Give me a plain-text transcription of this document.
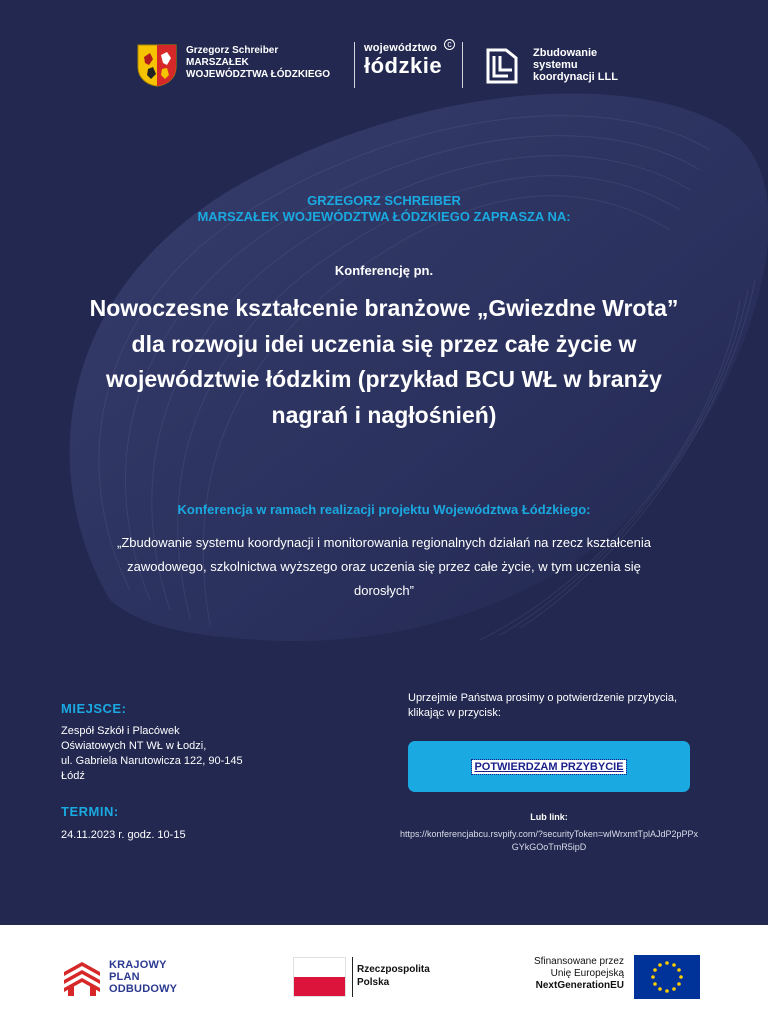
Grzegorz Schreiber
MARSZAŁEK
WOJEWÓDZTWA ŁÓDZKIEGO
województwo
łódzkie
c
Zbudowanie
systemu
koordynacji LLL
GRZEGORZ SCHREIBER
MARSZAŁEK WOJEWÓDZTWA ŁÓDZKIEGO ZAPRASZA NA:
Konferencję pn.
Nowoczesne kształcenie branżowe „Gwiezdne Wrota” dla rozwoju idei uczenia się przez całe życie w województwie łódzkim (przykład BCU WŁ w branży nagrań i nagłośnień)
Konferencja w ramach realizacji projektu Województwa Łódzkiego:
„Zbudowanie systemu koordynacji i monitorowania regionalnych działań na rzecz kształcenia zawodowego, szkolnictwa wyższego oraz uczenia się przez całe życie, w tym uczenia się dorosłych”
MIEJSCE:
Zespół Szkół i Placówek
Oświatowych NT WŁ w Łodzi,
ul. Gabriela Narutowicza 122, 90-145
Łódź
TERMIN:
24.11.2023 r. godz. 10-15
Uprzejmie Państwa prosimy o potwierdzenie przybycia, klikając w przycisk:
POTWIERDZAM PRZYBYCIE
Lub link:
https://konferencjabcu.rsvpify.com/?securityToken=wlWrxmtTplAJdP2pPPxGYkGOoTmR5ipD
KRAJOWY
PLAN
ODBUDOWY
Rzeczpospolita
Polska
Sfinansowane przez
Unię Europejską
NextGenerationEU
